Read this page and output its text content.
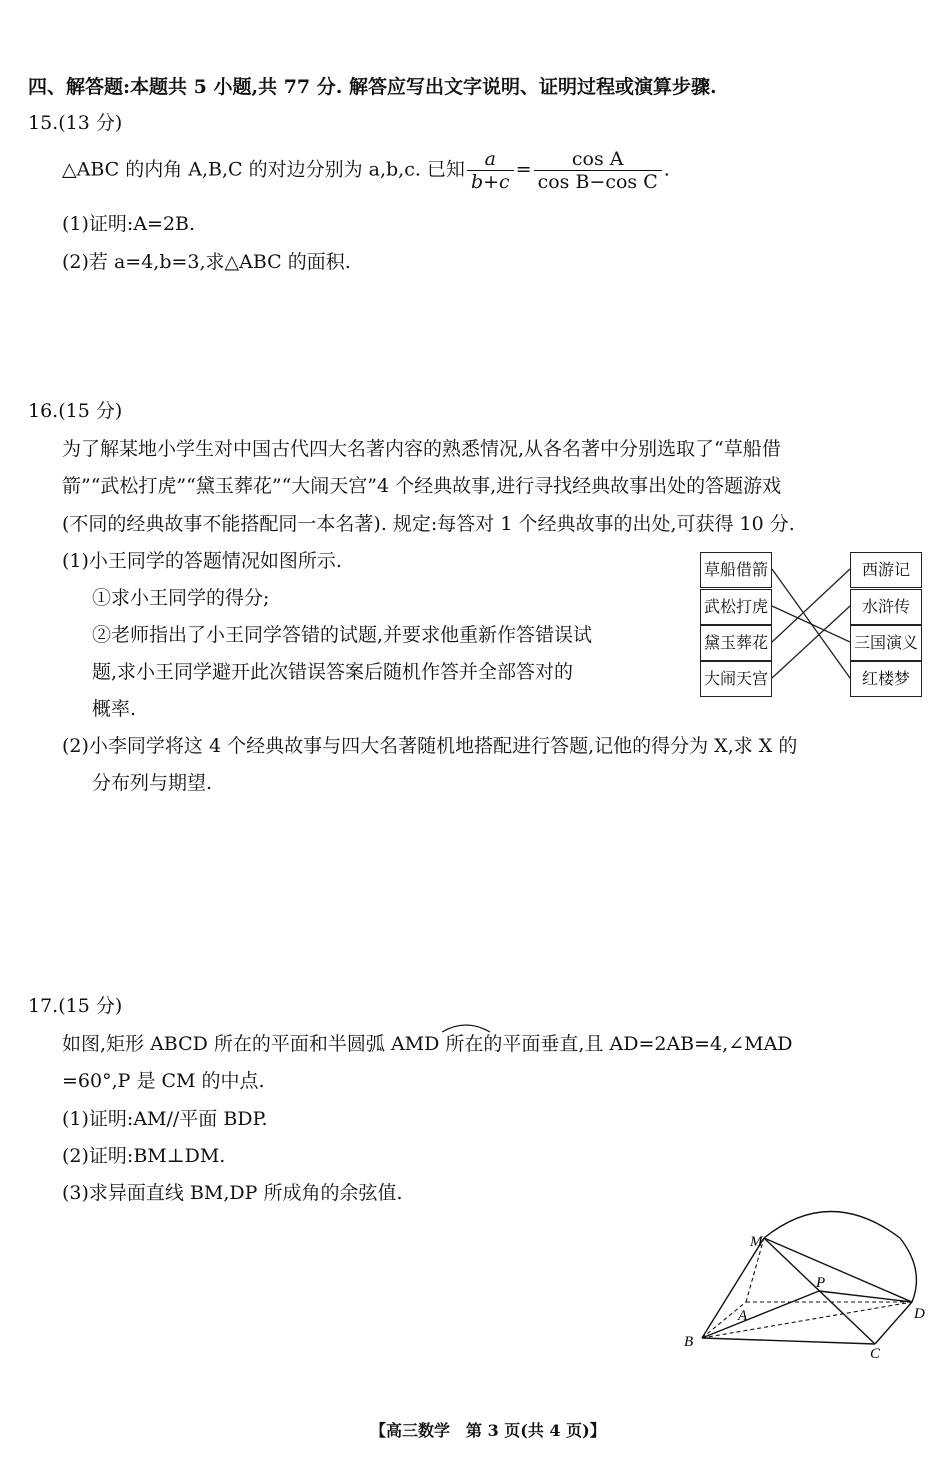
四、解答题:本题共 5 小题,共 77 分. 解答应写出文字说明、证明过程或演算步骤.
15.(13 分)
△ABC 的内角 A,B,C 的对边分别为 a,b,c. 已知 $\frac{a}{b+c} = \frac{\text{cos A}}{\text{cos B−cos C}}$ .
(1)证明:A=2B.
(2)若 a=4,b=3,求△ABC 的面积.
16.(15 分)
为了解某地小学生对中国古代四大名著内容的熟悉情况,从各名著中分别选取了“草船借
箭”“武松打虎”“黛玉葬花”“大闹天宫”4 个经典故事,进行寻找经典故事出处的答题游戏
(不同的经典故事不能搭配同一本名著). 规定:每答对 1 个经典故事的出处,可获得 10 分.
(1)小王同学的答题情况如图所示.
①求小王同学的得分;
②老师指出了小王同学答错的试题,并要求他重新作答错误试
题,求小王同学避开此次错误答案后随机作答并全部答对的
概率.
(2)小李同学将这 4 个经典故事与四大名著随机地搭配进行答题,记他的得分为 X,求 X 的
分布列与期望.
草船借箭
武松打虎
黛玉葬花
大闹天宫
西游记
水浒传
三国演义
红楼梦
17.(15 分)
如图,矩形 ABCD 所在的平面和半圆弧 AMD 所在的平面垂直,且 AD=2AB=4,∠MAD
=60°,P 是 CM 的中点.
(1)证明:AM//平面 BDP.
(2)证明:BM⊥DM.
(3)求异面直线 BM,DP 所成角的余弦值.
M
P
A	D
B
C
【高三数学　第 3 页(共 4 页)】
